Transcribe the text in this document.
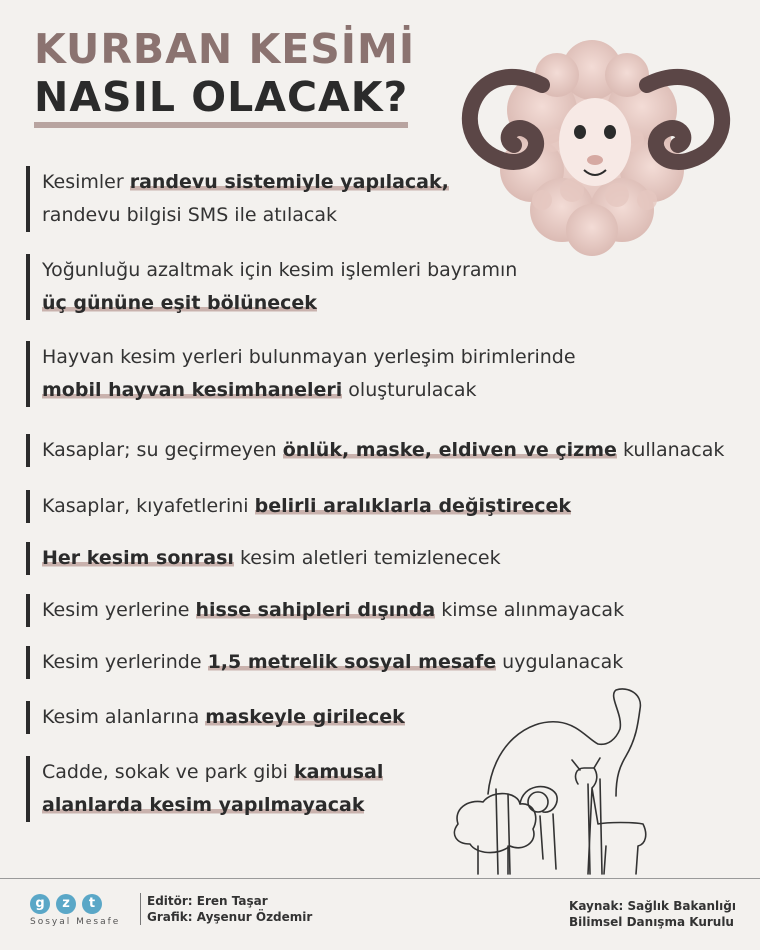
KURBAN KESİMİ
NASIL OLACAK?
Kesimler randevu sistemiyle yapılacak,
randevu bilgisi SMS ile atılacak
Yoğunluğu azaltmak için kesim işlemleri bayramın
üç gününe eşit bölünecek
Hayvan kesim yerleri bulunmayan yerleşim birimlerinde
mobil hayvan kesimhaneleri oluşturulacak
Kasaplar; su geçirmeyen önlük, maske, eldiven ve çizme kullanacak
Kasaplar, kıyafetlerini belirli aralıklarla değiştirecek
Her kesim sonrası kesim aletleri temizlenecek
Kesim yerlerine hisse sahipleri dışında kimse alınmayacak
Kesim yerlerinde 1,5 metrelik sosyal mesafe uygulanacak
Kesim alanlarına maskeyle girilecek
Cadde, sokak ve park gibi kamusal
alanlarda kesim yapılmayacak
g z t
Sosyal Mesafe
Editör: Eren Taşar
Grafik: Ayşenur Özdemir
Kaynak: Sağlık Bakanlığı
Bilimsel Danışma Kurulu
